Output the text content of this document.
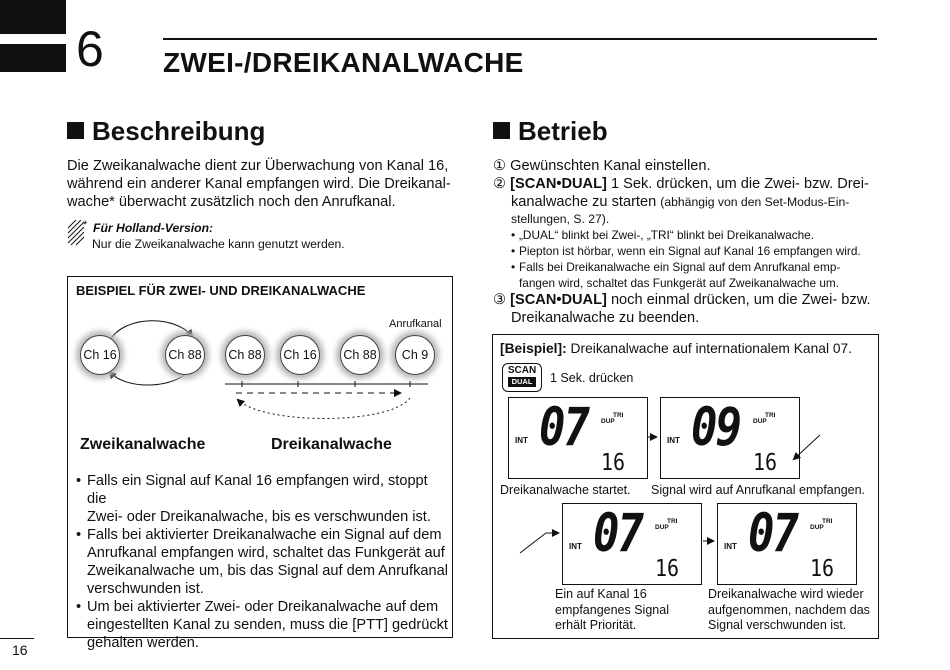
6 ZWEI-/DREIKANALWACHE
Beschreibung
Die Zweikanalwache dient zur Überwachung von Kanal 16,
während ein anderer Kanal empfangen wird. Die Dreikanal-
wache* überwacht zusätzlich noch den Anrufkanal.
* Für Holland-Version:
Nur die Zweikanalwache kann genutzt werden.
BEISPIEL FÜR ZWEI- UND DREIKANALWACHE
Anrufkanal
Ch 16	Ch 88 Ch 88 Ch 16 Ch 88	Ch 9
Zweikanalwache	Dreikanalwache
• Falls ein Signal auf Kanal 16 empfangen wird, stoppt die
Zwei- oder Dreikanalwache, bis es verschwunden ist.
• Falls bei aktivierter Dreikanalwache ein Signal auf dem
Anrufkanal empfangen wird, schaltet das Funkgerät auf
Zweikanalwache um, bis das Signal auf dem Anrufkanal
verschwunden ist.
• Um bei aktivierter Zwei- oder Dreikanalwache auf dem
eingestellten Kanal zu senden, muss die [PTT] gedrückt
gehalten werden.
Betrieb
① Gewünschten Kanal einstellen.
② [SCAN•DUAL] 1 Sek. drücken, um die Zwei- bzw. Drei-
kanalwache zu starten (abhängig von den Set-Modus-Ein-
stellungen, S. 27).
• „DUAL“ blinkt bei Zwei-, „TRI“ blinkt bei Dreikanalwache.
• Piepton ist hörbar, wenn ein Signal auf Kanal 16 empfangen wird.
• Falls bei Dreikanalwache ein Signal auf dem Anrufkanal emp-
fangen wird, schaltet das Funkgerät auf Zweikanalwache um.
③ [SCAN•DUAL] noch einmal drücken, um die Zwei- bzw.
Dreikanalwache zu beenden.
[Beispiel]: Dreikanalwache auf internationalem Kanal 07.
SCAN
DUAL 1 Sek. drücken
INT 07 DUP
TRI
16
INT 09 DUP
TRI
16
INT 07 DUP
TRI
16
INT 07 DUP
TRI
16
Dreikanalwache startet. Signal wird auf Anrufkanal empfangen.
Ein auf Kanal 16
empfangenes Signal
erhält Priorität.
Dreikanalwache wird wieder
aufgenommen, nachdem das
Signal verschwunden ist.
16
